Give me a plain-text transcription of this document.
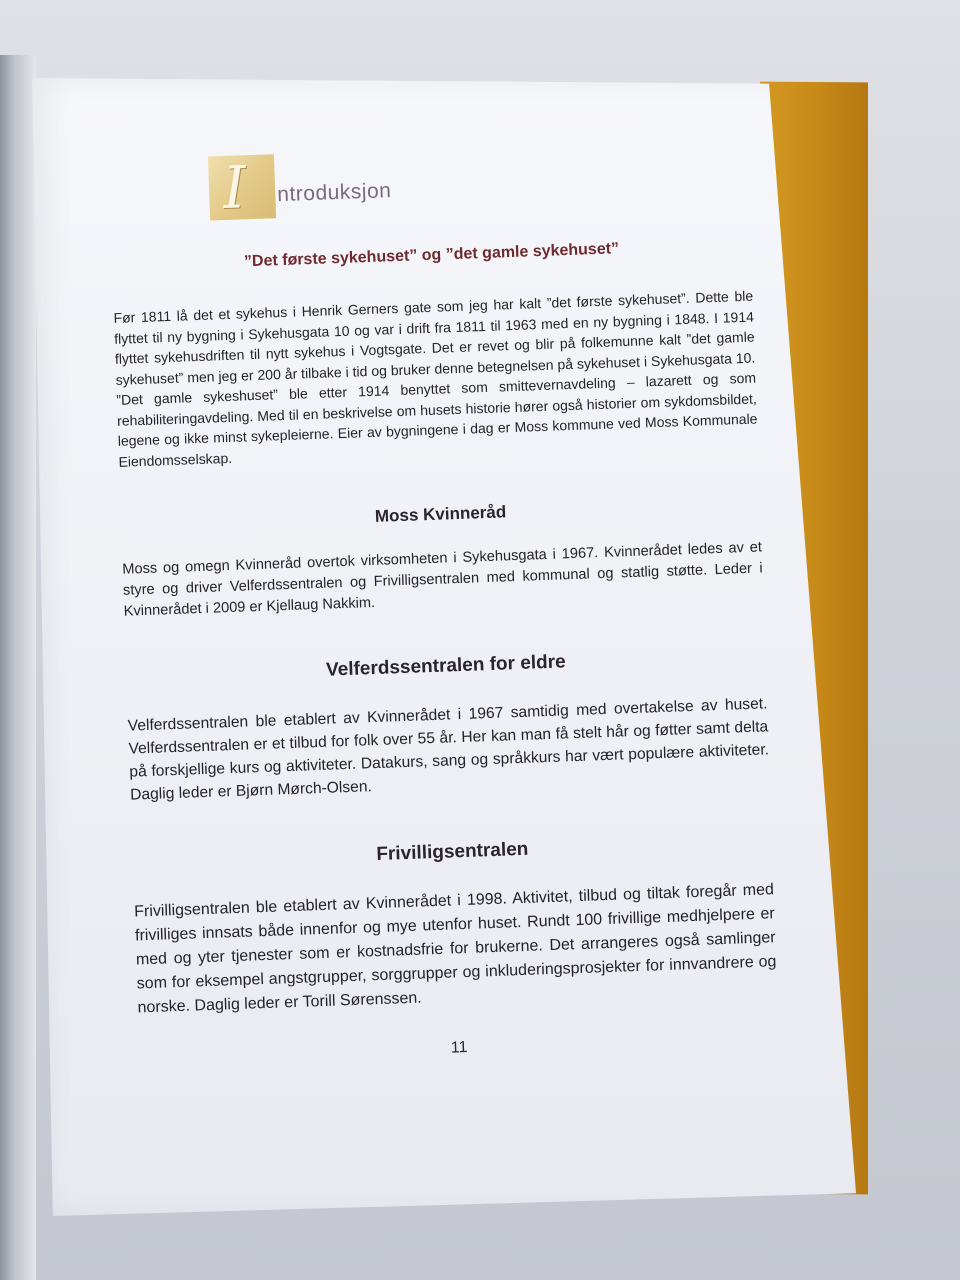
I ntroduksjon
”Det første sykehuset” og ”det gamle sykehuset”

Før 1811 lå det et sykehus i Henrik Gerners gate som jeg har kalt ”det første sykehuset”. Dette ble flyttet til ny bygning i Sykehusgata 10 og var i drift fra 1811 til 1963 med en ny bygning i 1848. I 1914 flyttet sykehusdriften til nytt sykehus i Vogtsgate. Det er revet og blir på folkemunne kalt ”det gamle sykehuset” men jeg er 200 år tilbake i tid og bruker denne betegnelsen på sykehuset i Sykehusgata 10. ”Det gamle sykeshuset” ble etter 1914 benyttet som smittevernavdeling – lazarett og som rehabiliteringavdeling. Med til en beskrivelse om husets historie hører også historier om sykdomsbildet, legene og ikke minst sykepleierne. Eier av bygningene i dag er Moss kommune ved Moss Kommunale Eiendomsselskap.

Moss Kvinneråd

Moss og omegn Kvinneråd overtok virksomheten i Sykehusgata i 1967. Kvinnerådet ledes av et styre og driver Velferdssentralen og Frivilligsentralen med kommunal og statlig støtte. Leder i Kvinnerådet i 2009 er Kjellaug Nakkim.

Velferdssentralen for eldre

Velferdssentralen ble etablert av Kvinnerådet i 1967 samtidig med overtakelse av huset. Velferdssentralen er et tilbud for folk over 55 år. Her kan man få stelt hår og føtter samt delta på forskjellige kurs og aktiviteter. Datakurs, sang og språkkurs har vært populære aktiviteter. Daglig leder er Bjørn Mørch-Olsen.

Frivilligsentralen

Frivilligsentralen ble etablert av Kvinnerådet i 1998. Aktivitet, tilbud og tiltak foregår med frivilliges innsats både innenfor og mye utenfor huset. Rundt 100 frivillige medhjelpere er med og yter tjenester som er kostnadsfrie for brukerne. Det arrangeres også samlinger som for eksempel angstgrupper, sorggrupper og inkluderingsprosjekter for innvandrere og norske. Daglig leder er Torill Sørenssen.

11
